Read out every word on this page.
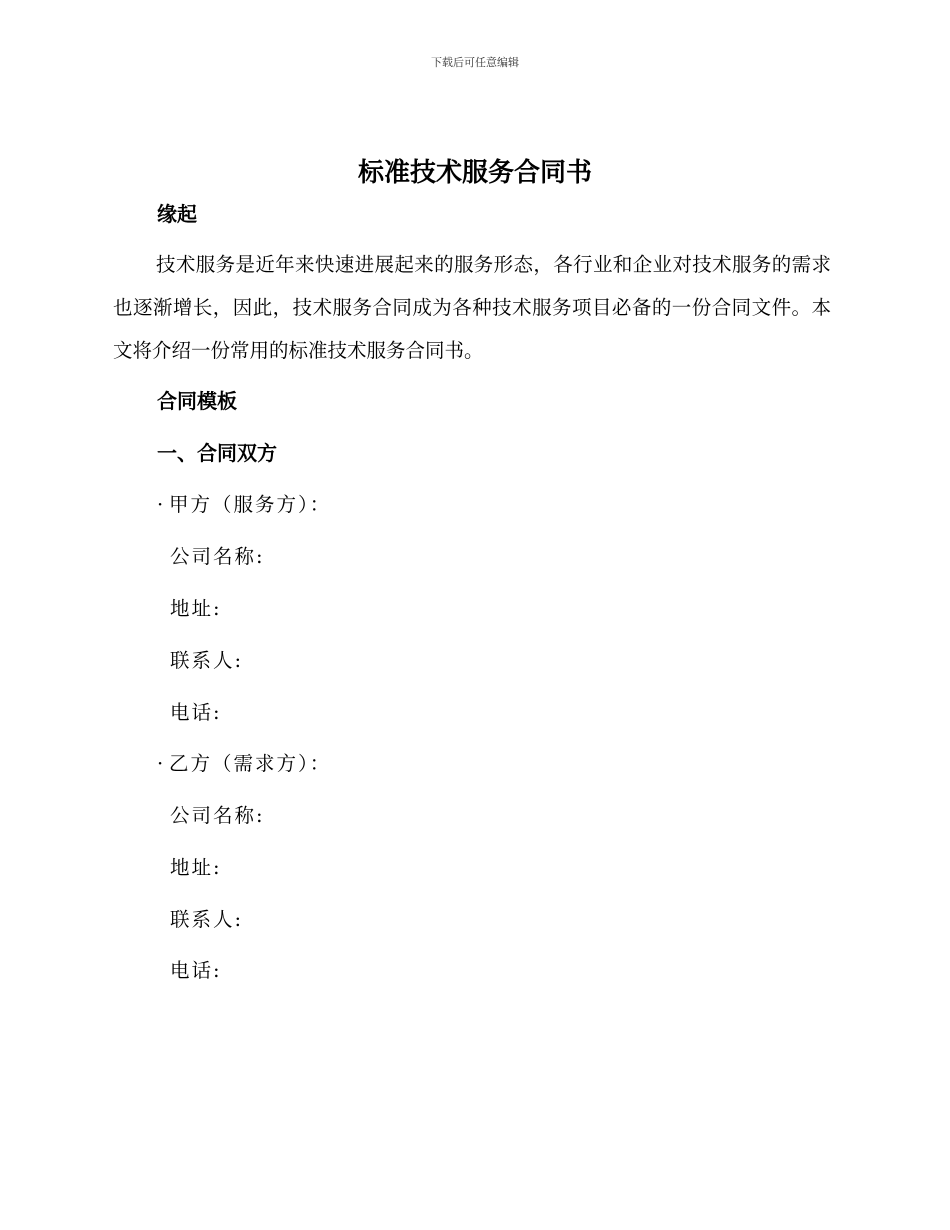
下载后可任意编辑
标准技术服务合同书
缘起

技术服务是近年来快速进展起来的服务形态，各行业和企业对技术服务的需求也逐渐增长，因此，技术服务合同成为各种技术服务项目必备的一份合同文件。本文将介绍一份常用的标准技术服务合同书。

合同模板
一、合同双方
· 甲方（服务方）：
公司名称:
地址:
联系人:
电话:
· 乙方（需求方）：
公司名称:
地址:
联系人:
电话:
